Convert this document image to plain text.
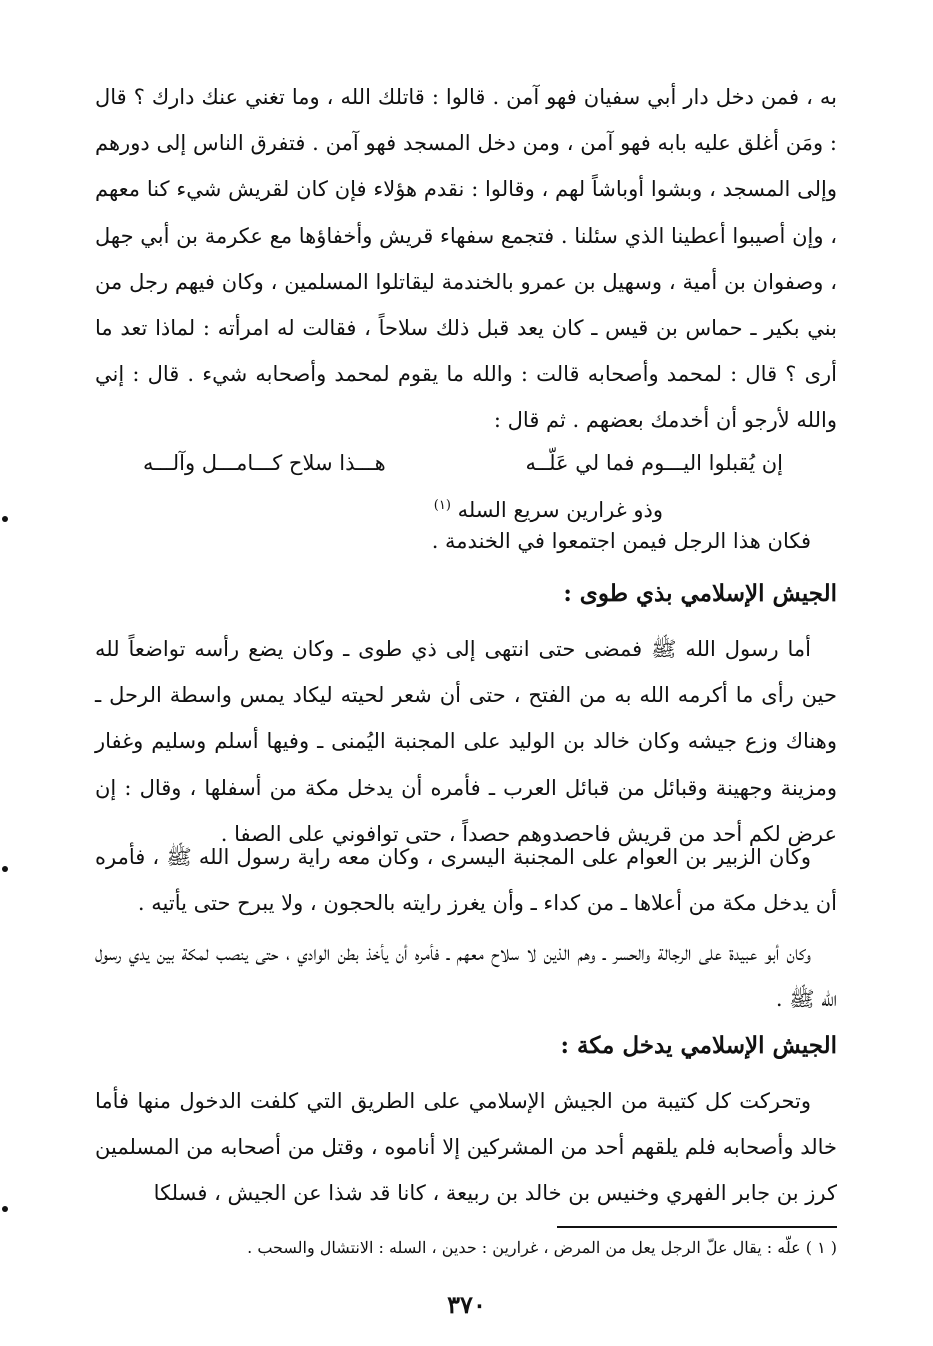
به ، فمن دخل دار أبي سفيان فهو آمن . قالوا : قاتلك الله ، وما تغني عنك دارك ؟ قال : ومَن أغلق عليه بابه فهو آمن ، ومن دخل المسجد فهو آمن . فتفرق الناس إلى دورهم وإلى المسجد ، وبشوا أوباشاً لهم ، وقالوا : نقدم هؤلاء فإن كان لقريش شيء كنا معهم ، وإن أصيبوا أعطينا الذي سئلنا . فتجمع سفهاء قريش وأخفاؤها مع عكرمة بن أبي جهل ، وصفوان بن أمية ، وسهيل بن عمرو بالخندمة ليقاتلوا المسلمين ، وكان فيهم رجل من بني بكير ـ حماس بن قيس ـ كان يعد قبل ذلك سلاحاً ، فقالت له امرأته : لماذا تعد ما أرى ؟ قال : لمحمد وأصحابه قالت : والله ما يقوم لمحمد وأصحابه شيء . قال : إني والله لأرجو أن أخدمك بعضهم . ثم قال :

إن يُقبلوا اليـــوم فما لي عَلّــه
هـــذا سلاح كـــامـــل وآلـــه
وذو غرارين سريع السله $^{(١)}$

فكان هذا الرجل فيمن اجتمعوا في الخندمة .

الجيش الإسلامي بذي طوى :

أما رسول الله ﷺ فمضى حتى انتهى إلى ذي طوى ـ وكان يضع رأسه تواضعاً لله حين رأى ما أكرمه الله به من الفتح ، حتى أن شعر لحيته ليكاد يمس واسطة الرحل ـ وهناك وزع جيشه وكان خالد بن الوليد على المجنبة اليُمنى ـ وفيها أسلم وسليم وغفار ومزينة وجهينة وقبائل من قبائل العرب ـ فأمره أن يدخل مكة من أسفلها ، وقال : إن عرض لكم أحد من قريش فاحصدوهم حصداً ، حتى توافوني على الصفا .

وكان الزبير بن العوام على المجنبة اليسرى ، وكان معه راية رسول الله ﷺ ، فأمره أن يدخل مكة من أعلاها ـ من كداء ـ وأن يغرز رايته بالحجون ، ولا يبرح حتى يأتيه .

وكان أبو عبيدة على الرجالة والحسر ـ وهم الذين لا سلاح معهم ـ فأمره أن يأخذ بطن الوادي ، حتى ينصب لمكة بين يدي رسول الله ﷺ .

الجيش الإسلامي يدخل مكة :

وتحركت كل كتيبة من الجيش الإسلامي على الطريق التي كلفت الدخول منها فأما خالد وأصحابه فلم يلقهم أحد من المشركين إلا أناموه ، وقتل من أصحابه من المسلمين كرز بن جابر الفهري وخنيس بن خالد بن ربيعة ، كانا قد شذا عن الجيش ، فسلكا

( ١ ) علّه : يقال علّ الرجل يعل من المرض ، غرارين : حدين ، السله : الانتشال والسحب .

٣٧٠
